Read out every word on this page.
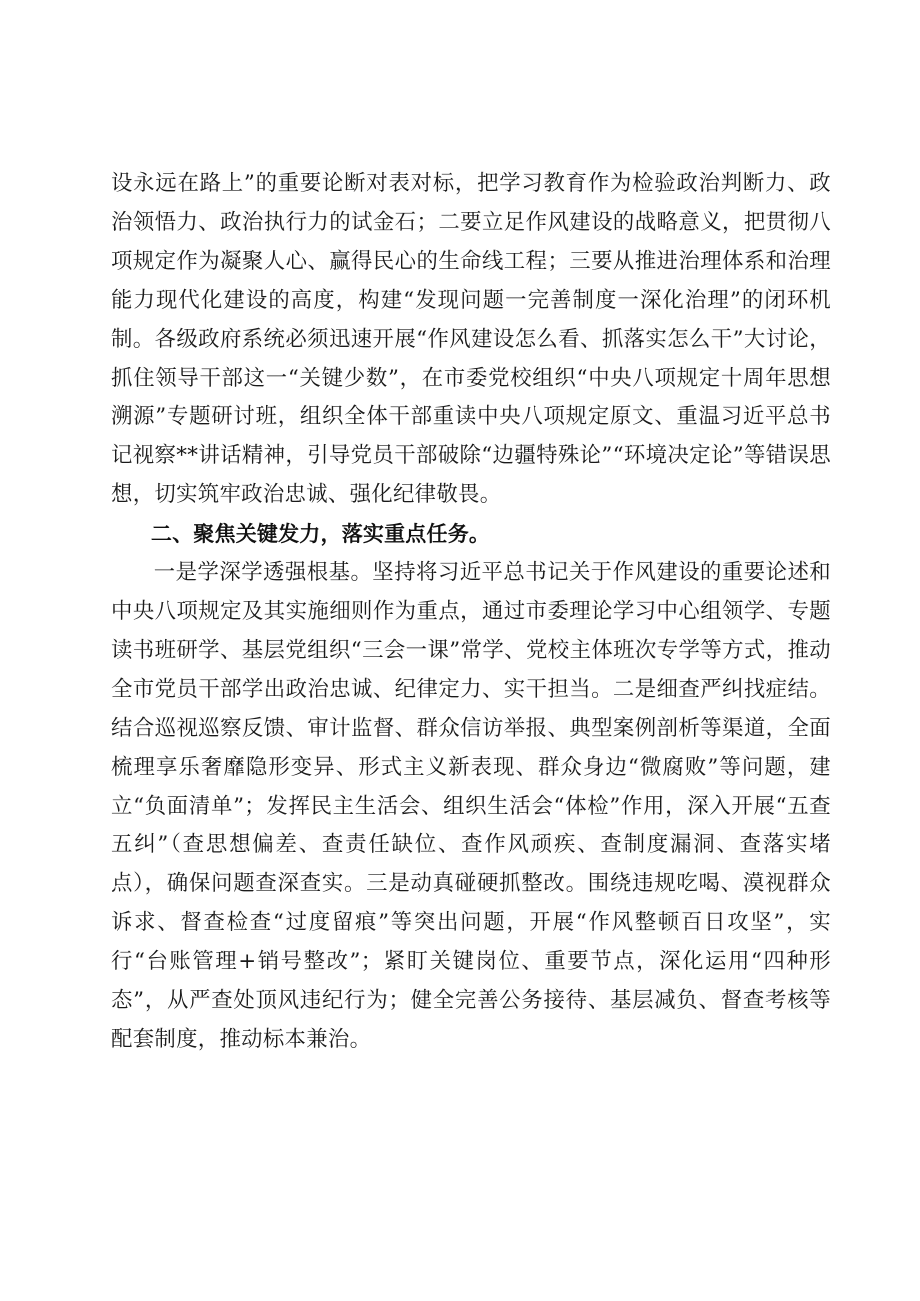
设永远在路上”的重要论断对表对标，把学习教育作为检验政治判断力、政治领悟力、政治执行力的试金石；二要立足作风建设的战略意义，把贯彻八项规定作为凝聚人心、赢得民心的生命线工程；三要从推进治理体系和治理能力现代化建设的高度，构建“发现问题一完善制度一深化治理”的闭环机制。各级政府系统必须迅速开展“作风建设怎么看、抓落实怎么干”大讨论，抓住领导干部这一“关键少数”，在市委党校组织“中央八项规定十周年思想溯源”专题研讨班，组织全体干部重读中央八项规定原文、重温习近平总书记视察**讲话精神，引导党员干部破除“边疆特殊论”“环境决定论”等错误思想，切实筑牢政治忠诚、强化纪律敬畏。

二、聚焦关键发力，落实重点任务。

一是学深学透强根基。坚持将习近平总书记关于作风建设的重要论述和中央八项规定及其实施细则作为重点，通过市委理论学习中心组领学、专题读书班研学、基层党组织“三会一课”常学、党校主体班次专学等方式，推动全市党员干部学出政治忠诚、纪律定力、实干担当。二是细查严纠找症结。结合巡视巡察反馈、审计监督、群众信访举报、典型案例剖析等渠道，全面梳理享乐奢靡隐形变异、形式主义新表现、群众身边“微腐败”等问题，建立“负面清单”；发挥民主生活会、组织生活会“体检”作用，深入开展“五查五纠”（查思想偏差、查责任缺位、查作风顽疾、查制度漏洞、查落实堵点），确保问题查深查实。三是动真碰硬抓整改。围绕违规吃喝、漠视群众诉求、督查检查“过度留痕”等突出问题，开展“作风整顿百日攻坚”，实行“台账管理+销号整改”；紧盯关键岗位、重要节点，深化运用“四种形态”，从严查处顶风违纪行为；健全完善公务接待、基层减负、督查考核等配套制度，推动标本兼治。
